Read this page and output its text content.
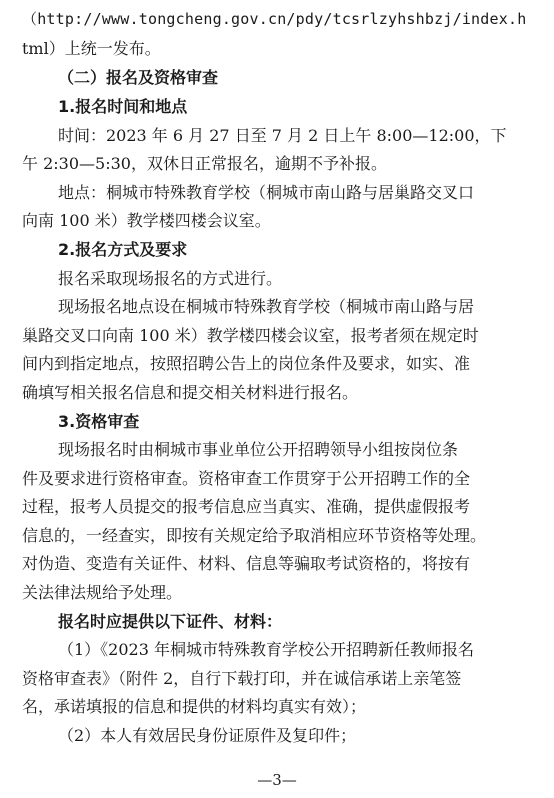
（http://www.tongcheng.gov.cn/pdy/tcsrlzyhshbzj/index.h
tml）上统一发布。
（二）报名及资格审查
1.报名时间和地点
时间：2023 年 6 月 27 日至 7 月 2 日上午 8:00—12:00，下
午 2:30—5:30，双休日正常报名，逾期不予补报。
地点：桐城市特殊教育学校（桐城市南山路与居巢路交叉口
向南 100 米）教学楼四楼会议室。
2.报名方式及要求
报名采取现场报名的方式进行。
现场报名地点设在桐城市特殊教育学校（桐城市南山路与居
巢路交叉口向南 100 米）教学楼四楼会议室，报考者须在规定时
间内到指定地点，按照招聘公告上的岗位条件及要求，如实、准
确填写相关报名信息和提交相关材料进行报名。
3.资格审查
现场报名时由桐城市事业单位公开招聘领导小组按岗位条
件及要求进行资格审查。资格审查工作贯穿于公开招聘工作的全
过程，报考人员提交的报考信息应当真实、准确，提供虚假报考
信息的，一经查实，即按有关规定给予取消相应环节资格等处理。
对伪造、变造有关证件、材料、信息等骗取考试资格的，将按有
关法律法规给予处理。
报名时应提供以下证件、材料：
（1）《2023 年桐城市特殊教育学校公开招聘新任教师报名
资格审查表》（附件 2，自行下载打印，并在诚信承诺上亲笔签
名，承诺填报的信息和提供的材料均真实有效）；
（2）本人有效居民身份证原件及复印件；
—3—
